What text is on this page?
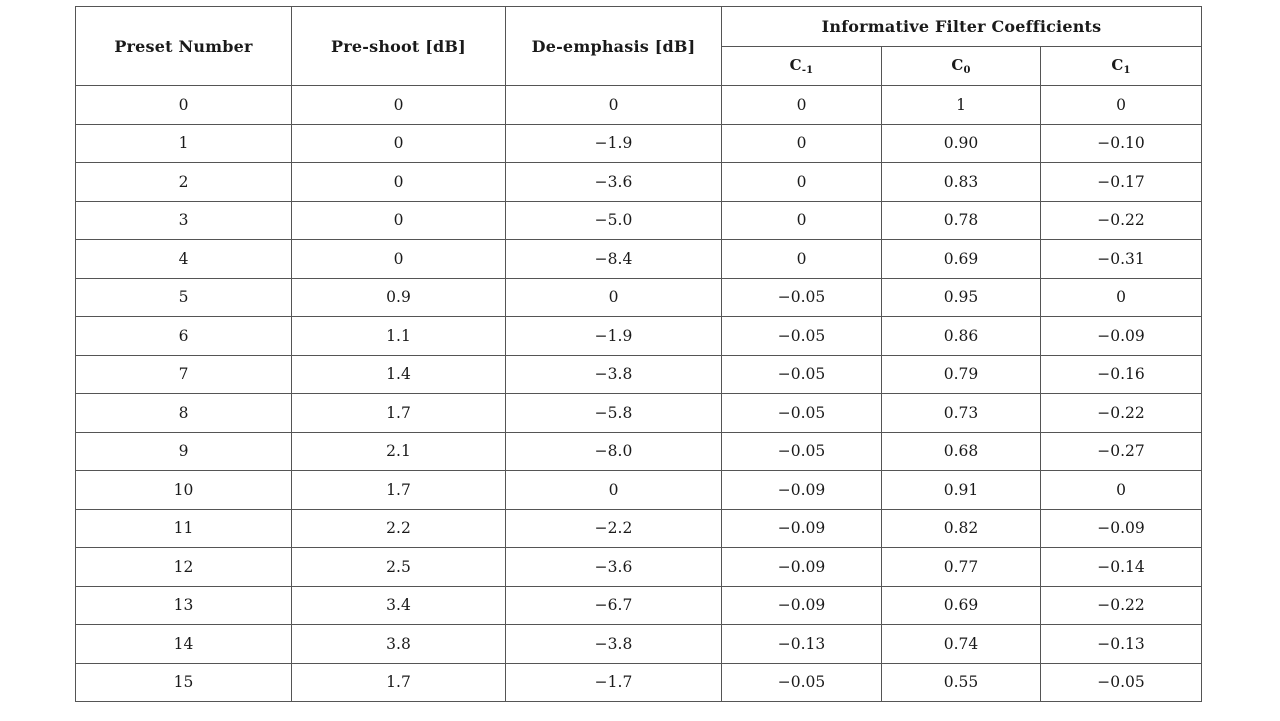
Preset Number	Pre-shoot [dB]	De-emphasis [dB]	Informative Filter Coefficients		
			$C_{-1}$	$C_0$	$C_1$
0	0	0	0	1	0
1	0	−1.9	0	0.90	−0.10
2	0	−3.6	0	0.83	−0.17
3	0	−5.0	0	0.78	−0.22
4	0	−8.4	0	0.69	−0.31
5	0.9	0	−0.05	0.95	0
6	1.1	−1.9	−0.05	0.86	−0.09
7	1.4	−3.8	−0.05	0.79	−0.16
8	1.7	−5.8	−0.05	0.73	−0.22
9	2.1	−8.0	−0.05	0.68	−0.27
10	1.7	0	−0.09	0.91	0
11	2.2	−2.2	−0.09	0.82	−0.09
12	2.5	−3.6	−0.09	0.77	−0.14
13	3.4	−6.7	−0.09	0.69	−0.22
14	3.8	−3.8	−0.13	0.74	−0.13
15	1.7	−1.7	−0.05	0.55	−0.05
